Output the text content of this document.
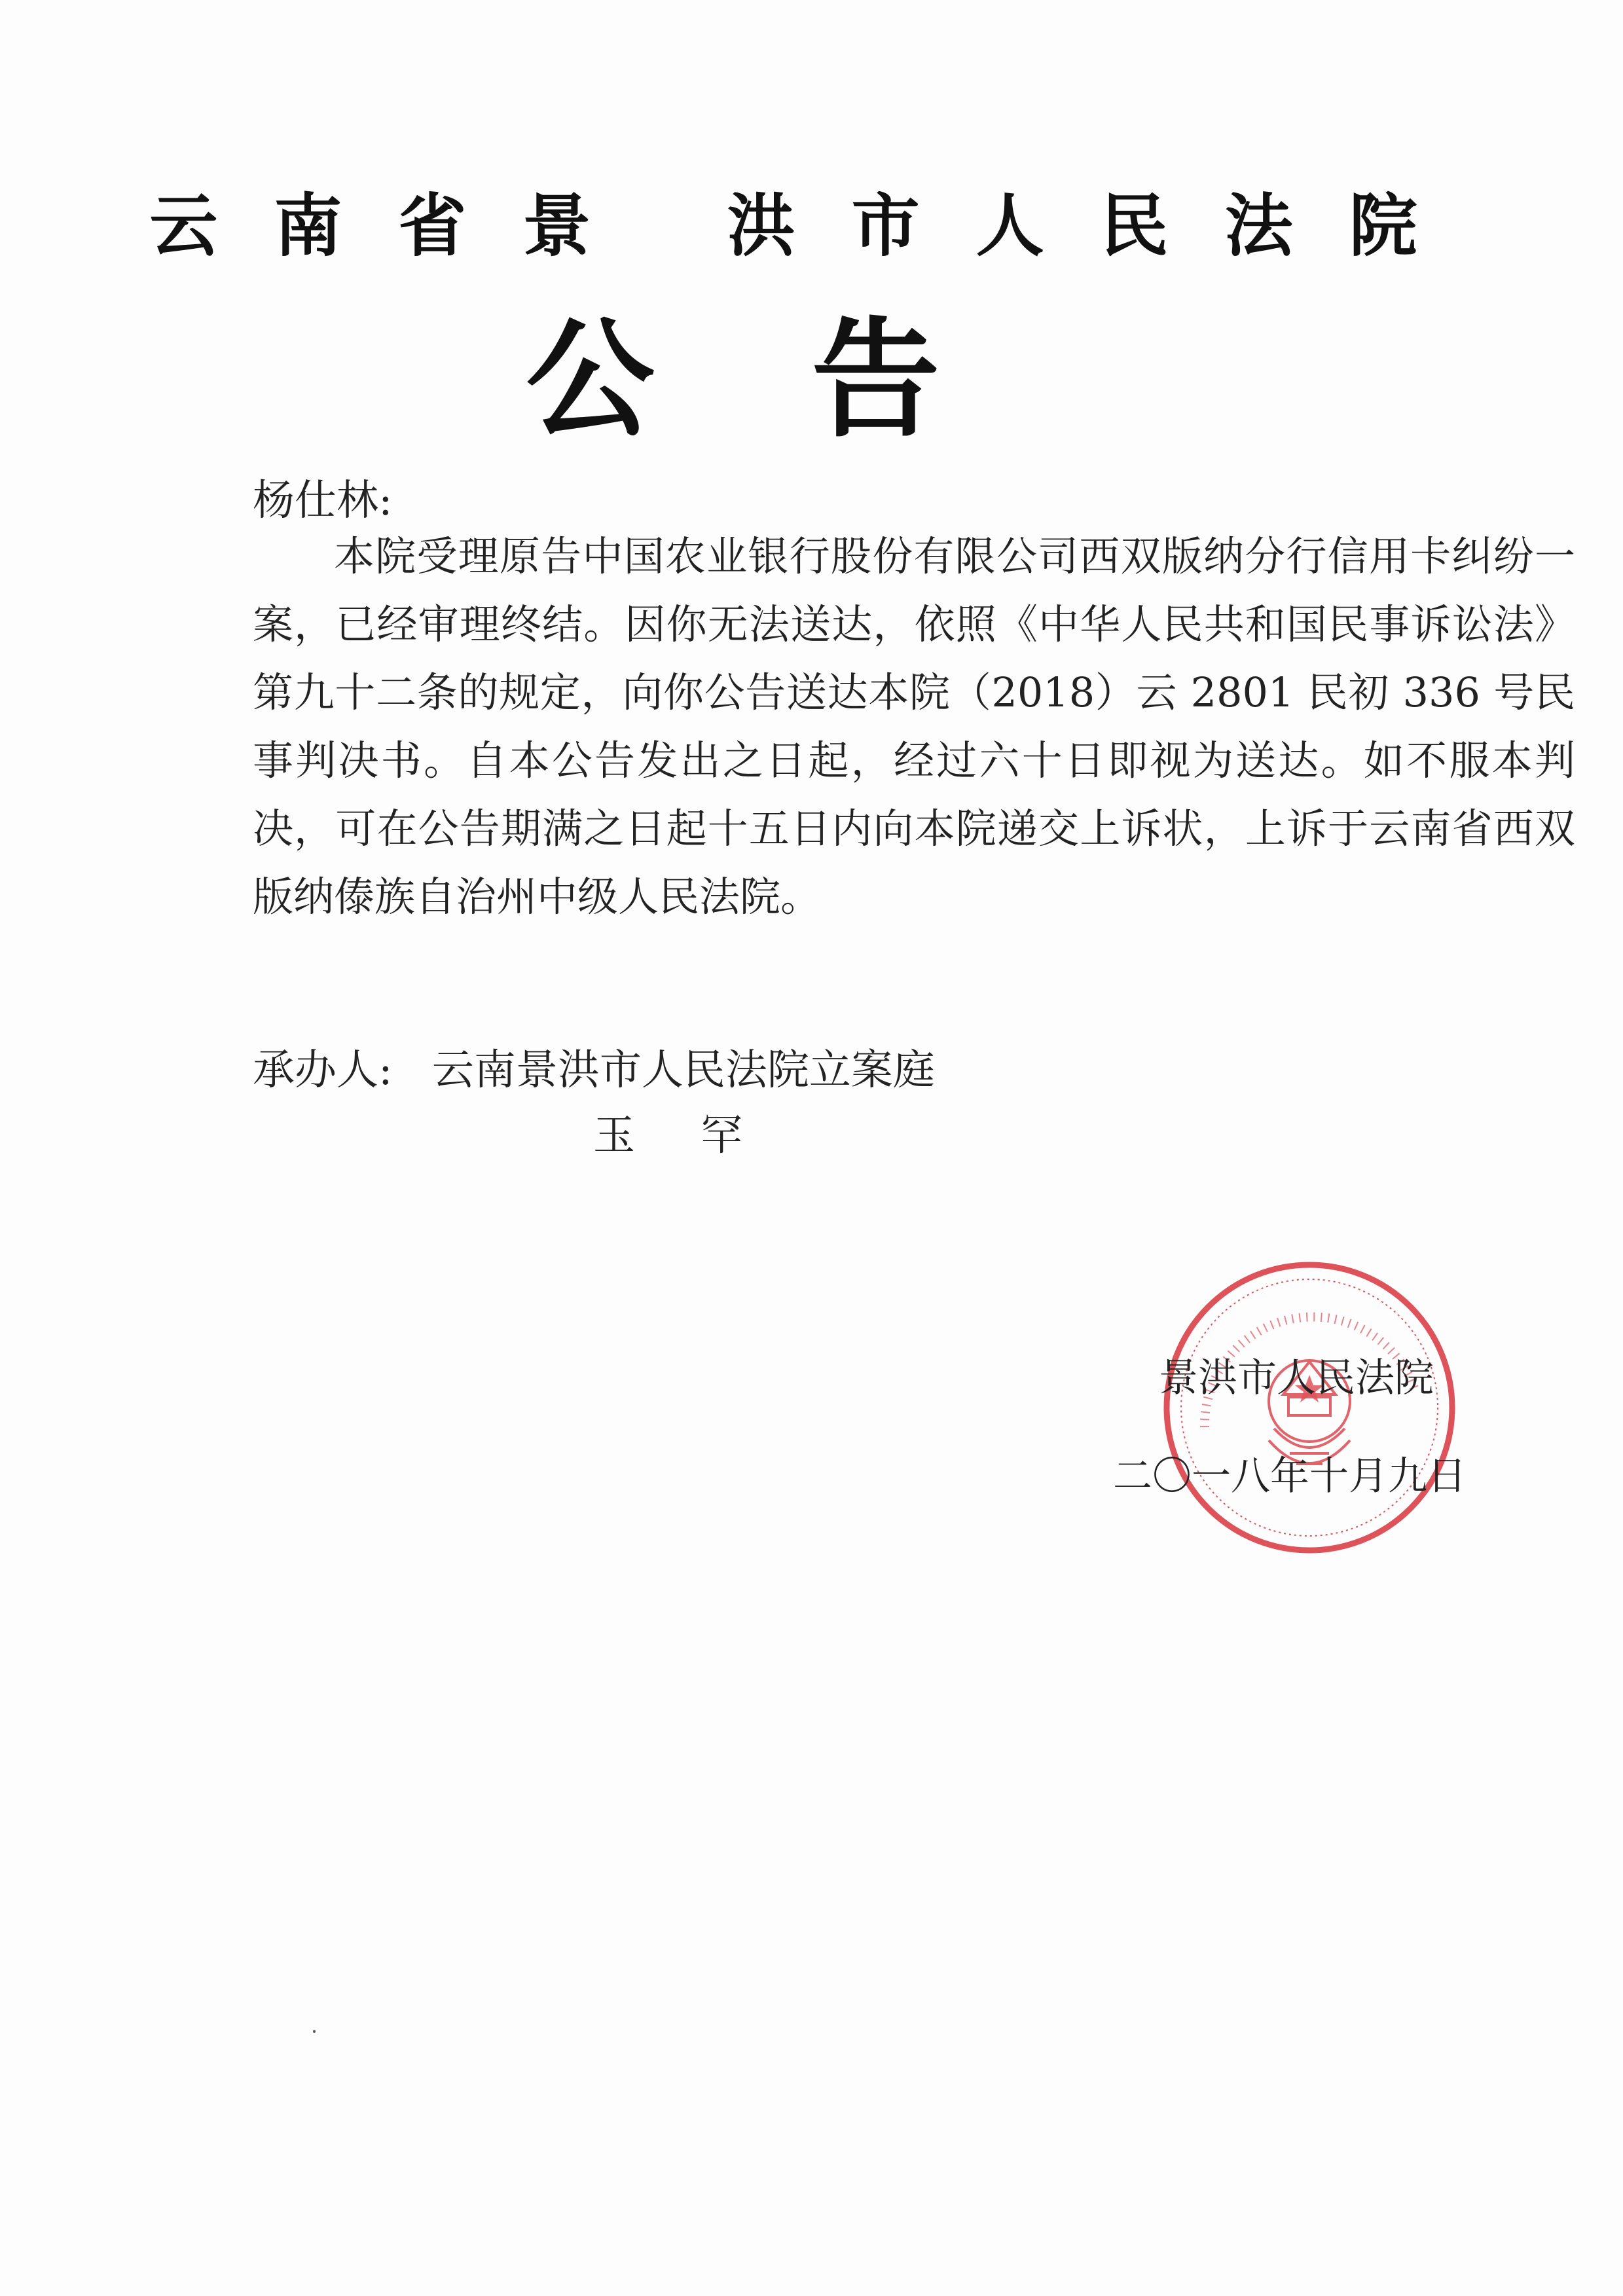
云南省景 洪市人民法院
公告
杨仕林:
本院受理原告中国农业银行股份有限公司西双版纳分行信用卡纠纷一案，已经审理终结。因你无法送达，依照《中华人民共和国民事诉讼法》第九十二条的规定，向你公告送达本院（2018）云 2801 民初 336 号民事判决书。自本公告发出之日起，经过六十日即视为送达。如不服本判决，可在公告期满之日起十五日内向本院递交上诉状，上诉于云南省西双版纳傣族自治州中级人民法院。
承办人: 云南景洪市人民法院立案庭
玉 罕
景洪市人民法院
二〇一八年十月九日
